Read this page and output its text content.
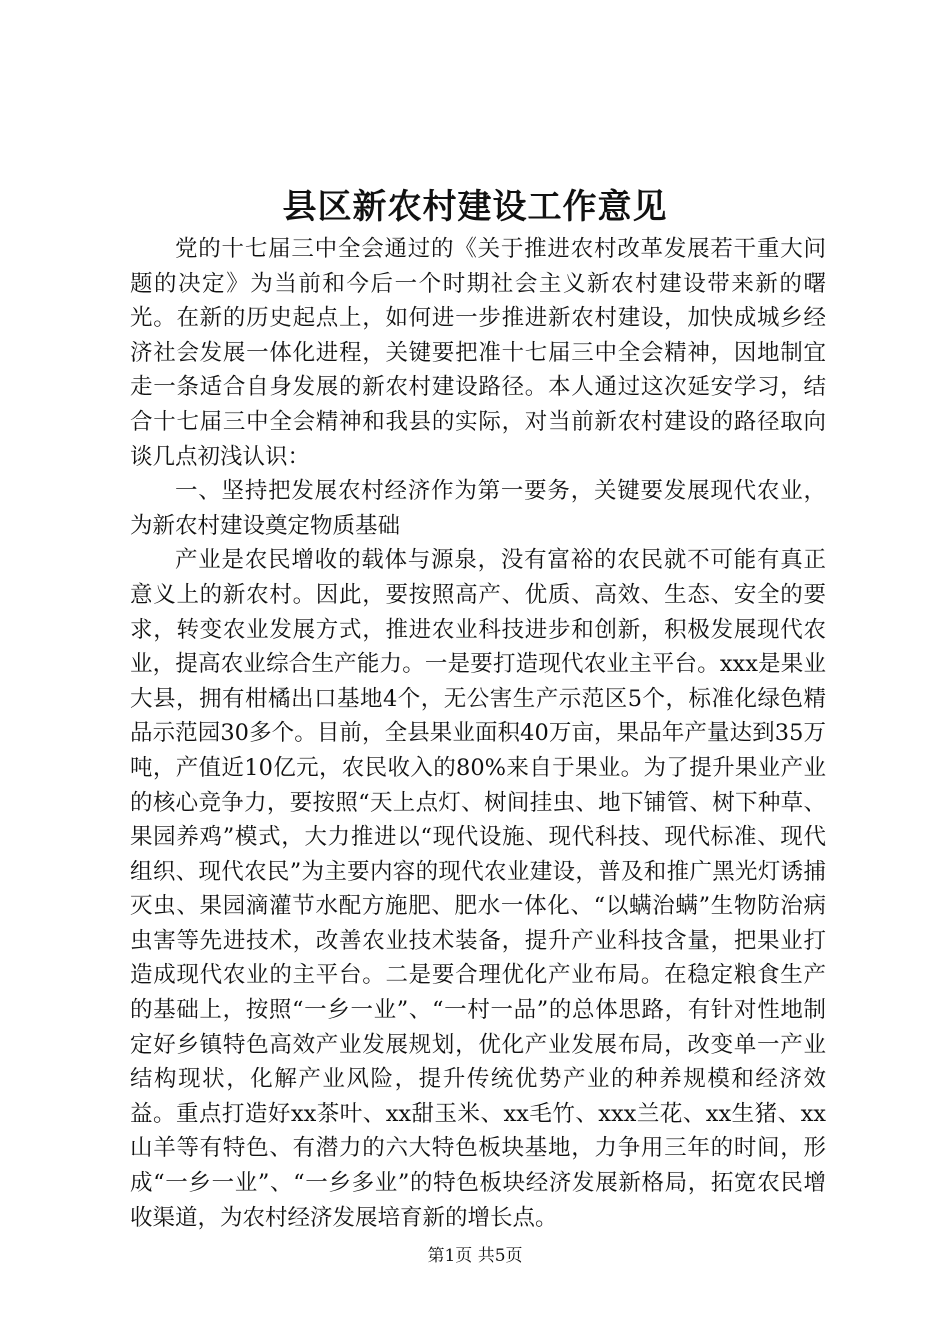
县区新农村建设工作意见

党的十七届三中全会通过的《关于推进农村改革发展若干重大问题的决定》为当前和今后一个时期社会主义新农村建设带来新的曙光。在新的历史起点上，如何进一步推进新农村建设，加快成城乡经济社会发展一体化进程，关键要把准十七届三中全会精神，因地制宜走一条适合自身发展的新农村建设路径。本人通过这次延安学习，结合十七届三中全会精神和我县的实际，对当前新农村建设的路径取向谈几点初浅认识：

一、坚持把发展农村经济作为第一要务，关键要发展现代农业，为新农村建设奠定物质基础

产业是农民增收的载体与源泉，没有富裕的农民就不可能有真正意义上的新农村。因此，要按照高产、优质、高效、生态、安全的要求，转变农业发展方式，推进农业科技进步和创新，积极发展现代农业，提高农业综合生产能力。一是要打造现代农业主平台。xxx是果业大县，拥有柑橘出口基地4个，无公害生产示范区5个，标准化绿色精品示范园30多个。目前，全县果业面积40万亩，果品年产量达到35万吨，产值近10亿元，农民收入的80%来自于果业。为了提升果业产业的核心竞争力，要按照“天上点灯、树间挂虫、地下铺管、树下种草、果园养鸡”模式，大力推进以“现代设施、现代科技、现代标准、现代组织、现代农民”为主要内容的现代农业建设，普及和推广黑光灯诱捕灭虫、果园滴灌节水配方施肥、肥水一体化、“以螨治螨”生物防治病虫害等先进技术，改善农业技术装备，提升产业科技含量，把果业打造成现代农业的主平台。二是要合理优化产业布局。在稳定粮食生产的基础上，按照“一乡一业”、“一村一品”的总体思路，有针对性地制定好乡镇特色高效产业发展规划，优化产业发展布局，改变单一产业结构现状，化解产业风险，提升传统优势产业的种养规模和经济效益。重点打造好xx茶叶、xx甜玉米、xx毛竹、xxx兰花、xx生猪、xx山羊等有特色、有潜力的六大特色板块基地，力争用三年的时间，形成“一乡一业”、“一乡多业”的特色板块经济发展新格局，拓宽农民增收渠道，为农村经济发展培育新的增长点。

第1页 共5页
